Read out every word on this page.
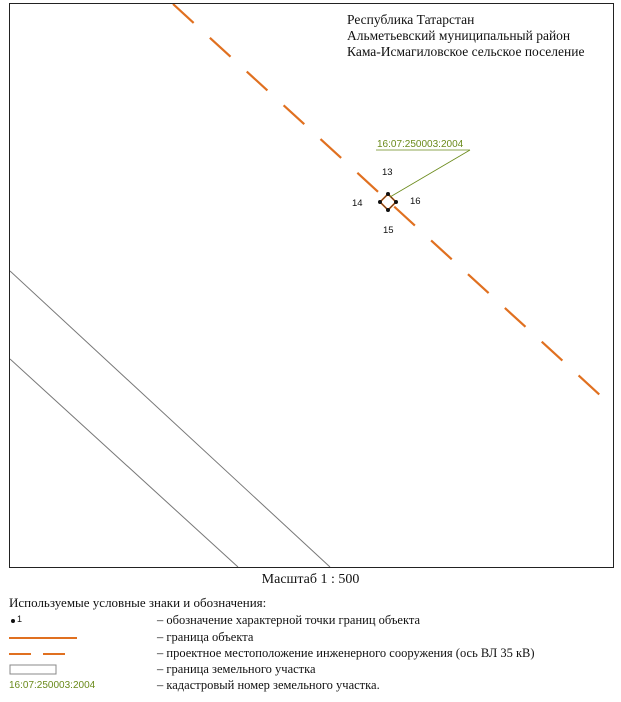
13
14
15
16
16:07:250003:2004
Республика Татарстан
Альметьевский муниципальный район
Кама-Исмагиловское сельское поселение
Масштаб 1 : 500
Используемые условные знаки и обозначения:
1	– обозначение характерной точки границ объекта
– граница объекта
– проектное местоположение инженерного сооружения (ось ВЛ 35 кВ)
– граница земельного участка
16:07:250003:2004	– кадастровый номер земельного участка.
